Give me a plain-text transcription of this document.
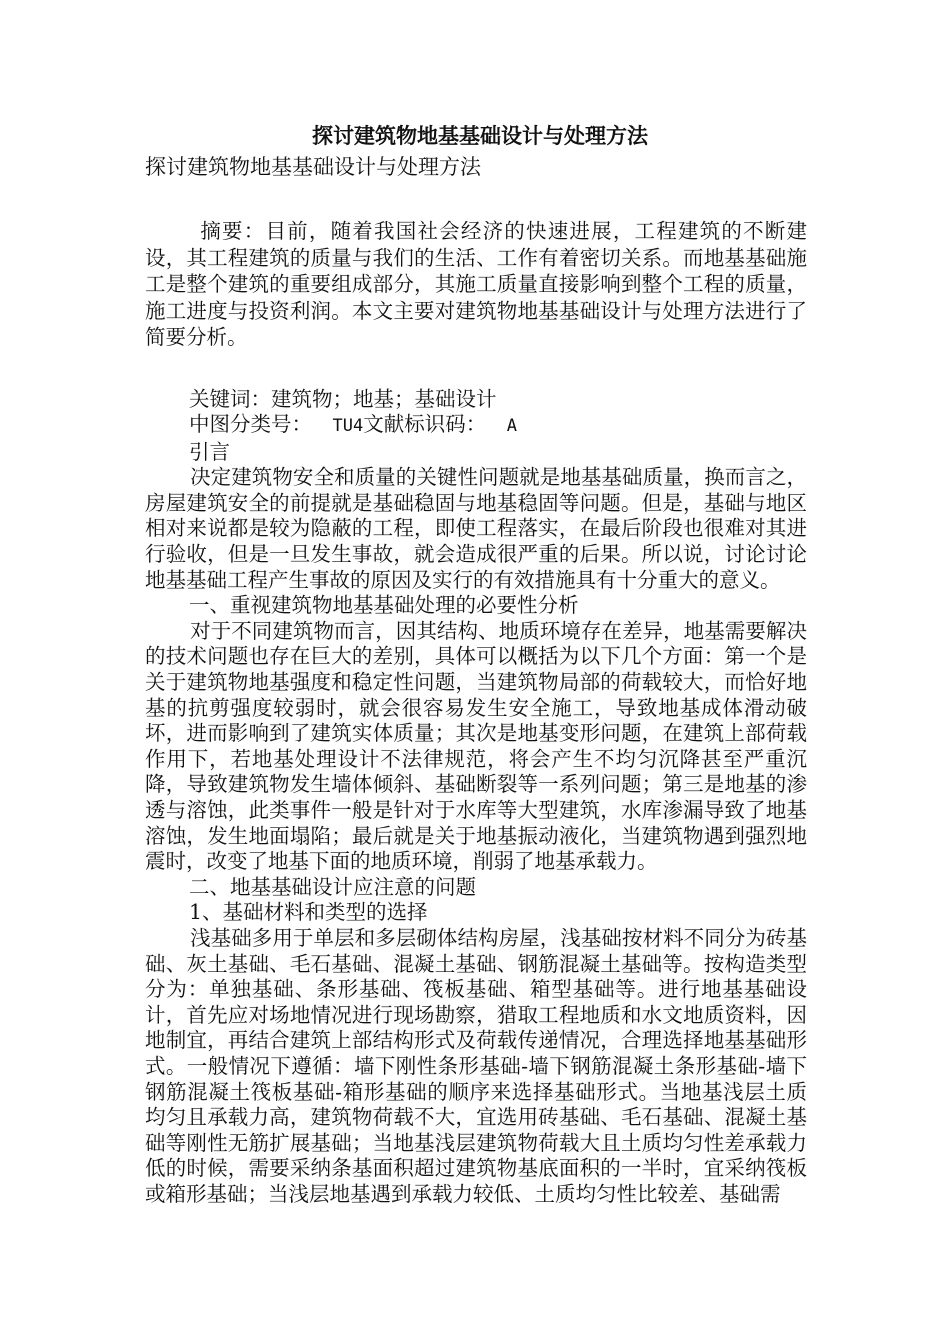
探讨建筑物地基基础设计与处理方法
探讨建筑物地基基础设计与处理方法

摘要：目前，随着我国社会经济的快速进展，工程建筑的不断建设，其工程建筑的质量与我们的生活、工作有着密切关系。而地基基础施工是整个建筑的重要组成部分，其施工质量直接影响到整个工程的质量，施工进度与投资利润。本文主要对建筑物地基基础设计与处理方法进行了简要分析。

关键词：建筑物；地基；基础设计

中图分类号： TU4文献标识码： A

引言

决定建筑物安全和质量的关键性问题就是地基基础质量，换而言之，房屋建筑安全的前提就是基础稳固与地基稳固等问题。但是，基础与地区相对来说都是较为隐蔽的工程，即使工程落实，在最后阶段也很难对其进行验收，但是一旦发生事故，就会造成很严重的后果。所以说，讨论讨论地基基础工程产生事故的原因及实行的有效措施具有十分重大的意义。

一、重视建筑物地基基础处理的必要性分析

对于不同建筑物而言，因其结构、地质环境存在差异，地基需要解决的技术问题也存在巨大的差别，具体可以概括为以下几个方面：第一个是关于建筑物地基强度和稳定性问题，当建筑物局部的荷载较大，而恰好地基的抗剪强度较弱时，就会很容易发生安全施工，导致地基成体滑动破坏，进而影响到了建筑实体质量；其次是地基变形问题，在建筑上部荷载作用下，若地基处理设计不法律规范，将会产生不均匀沉降甚至严重沉降，导致建筑物发生墙体倾斜、基础断裂等一系列问题；第三是地基的渗透与溶蚀，此类事件一般是针对于水库等大型建筑，水库渗漏导致了地基溶蚀，发生地面塌陷；最后就是关于地基振动液化，当建筑物遇到强烈地震时，改变了地基下面的地质环境，削弱了地基承载力。

二、地基基础设计应注意的问题

1、基础材料和类型的选择

浅基础多用于单层和多层砌体结构房屋，浅基础按材料不同分为砖基础、灰土基础、毛石基础、混凝土基础、钢筋混凝土基础等。按构造类型分为：单独基础、条形基础、筏板基础、箱型基础等。进行地基基础设计，首先应对场地情况进行现场勘察，猎取工程地质和水文地质资料，因地制宜，再结合建筑上部结构形式及荷载传递情况，合理选择地基基础形式。一般情况下遵循：墙下刚性条形基础-墙下钢筋混凝土条形基础-墙下钢筋混凝土筏板基础-箱形基础的顺序来选择基础形式。当地基浅层土质均匀且承载力高，建筑物荷载不大，宜选用砖基础、毛石基础、混凝土基础等刚性无筋扩展基础；当地基浅层建筑物荷载大且土质均匀性差承载力低的时候，需要采纳条基面积超过建筑物基底面积的一半时，宜采纳筏板或箱形基础；当浅层地基遇到承载力较低、土质均匀性比较差、基础需
